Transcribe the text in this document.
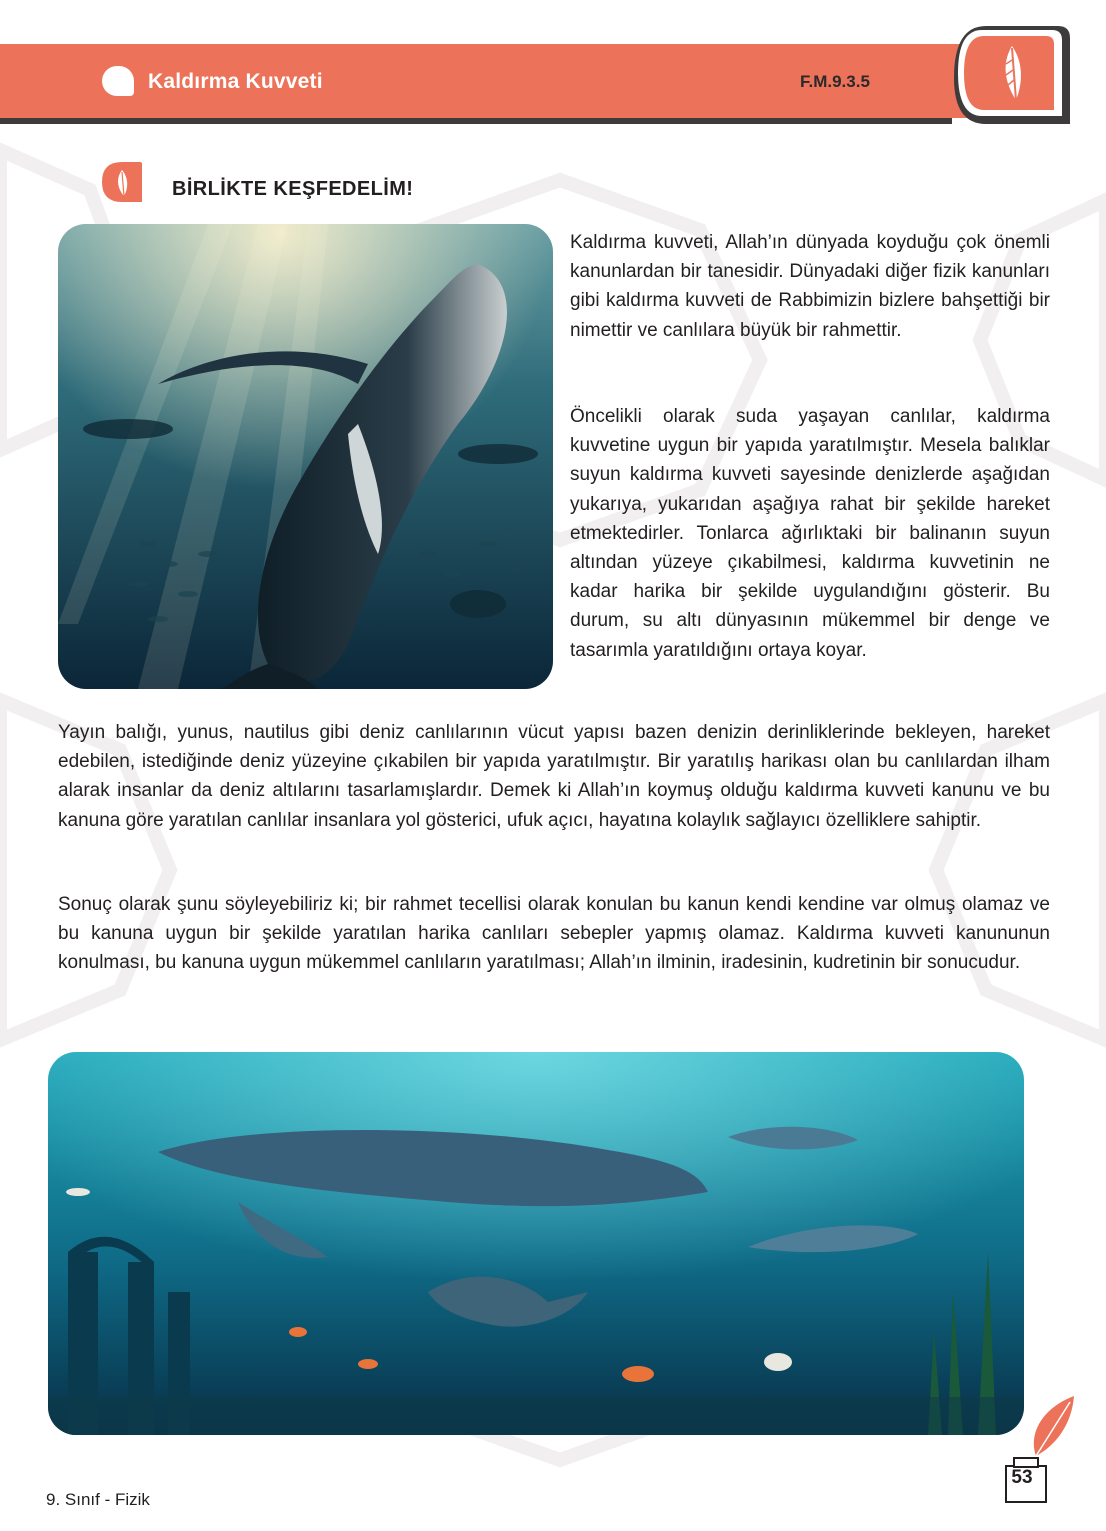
Kaldırma Kuvveti	F.M.9.3.5
BİRLİKTE KEŞFEDELİM!
Kaldırma kuvveti, Allah’ın dünyada koyduğu çok önemli kanunlardan bir tanesidir. Dünyadaki diğer fizik kanunları gibi kaldırma kuvveti de Rabbimizin bizlere bahşettiği bir nimettir ve canlılara büyük bir rahmettir.
Öncelikli olarak suda yaşayan canlılar, kaldırma kuvvetine uygun bir yapıda yaratılmıştır. Mesela balıklar suyun kaldırma kuvveti sayesinde denizlerde aşağıdan yukarıya, yukarıdan aşağıya rahat bir şekilde hareket etmektedirler. Tonlarca ağırlıktaki bir balinanın suyun altından yüzeye çıkabilmesi, kaldırma kuvvetinin ne kadar harika bir şekilde uygulandığını gösterir. Bu durum, su altı dünyasının mükemmel bir denge ve tasarımla yaratıldığını ortaya koyar.
Yayın balığı, yunus, nautilus gibi deniz canlılarının vücut yapısı bazen denizin derinliklerinde bekleyen, hareket edebilen, istediğinde deniz yüzeyine çıkabilen bir yapıda yaratılmıştır. Bir yaratılış harikası olan bu canlılardan ilham alarak insanlar da deniz altılarını tasarlamışlardır. Demek ki Allah’ın koymuş olduğu kaldırma kuvveti kanunu ve bu kanuna göre yaratılan canlılar insanlara yol gösterici, ufuk açıcı, hayatına kolaylık sağlayıcı özelliklere sahiptir.
Sonuç olarak şunu söyleyebiliriz ki; bir rahmet tecellisi olarak konulan bu kanun kendi kendine var olmuş olamaz ve bu kanuna uygun bir şekilde yaratılan harika canlıları sebepler yapmış olamaz. Kaldırma kuvveti kanununun konulması, bu kanuna uygun mükemmel canlıların yaratılması; Allah’ın ilminin, iradesinin, kudretinin bir sonucudur.
9. Sınıf - Fizik
53
